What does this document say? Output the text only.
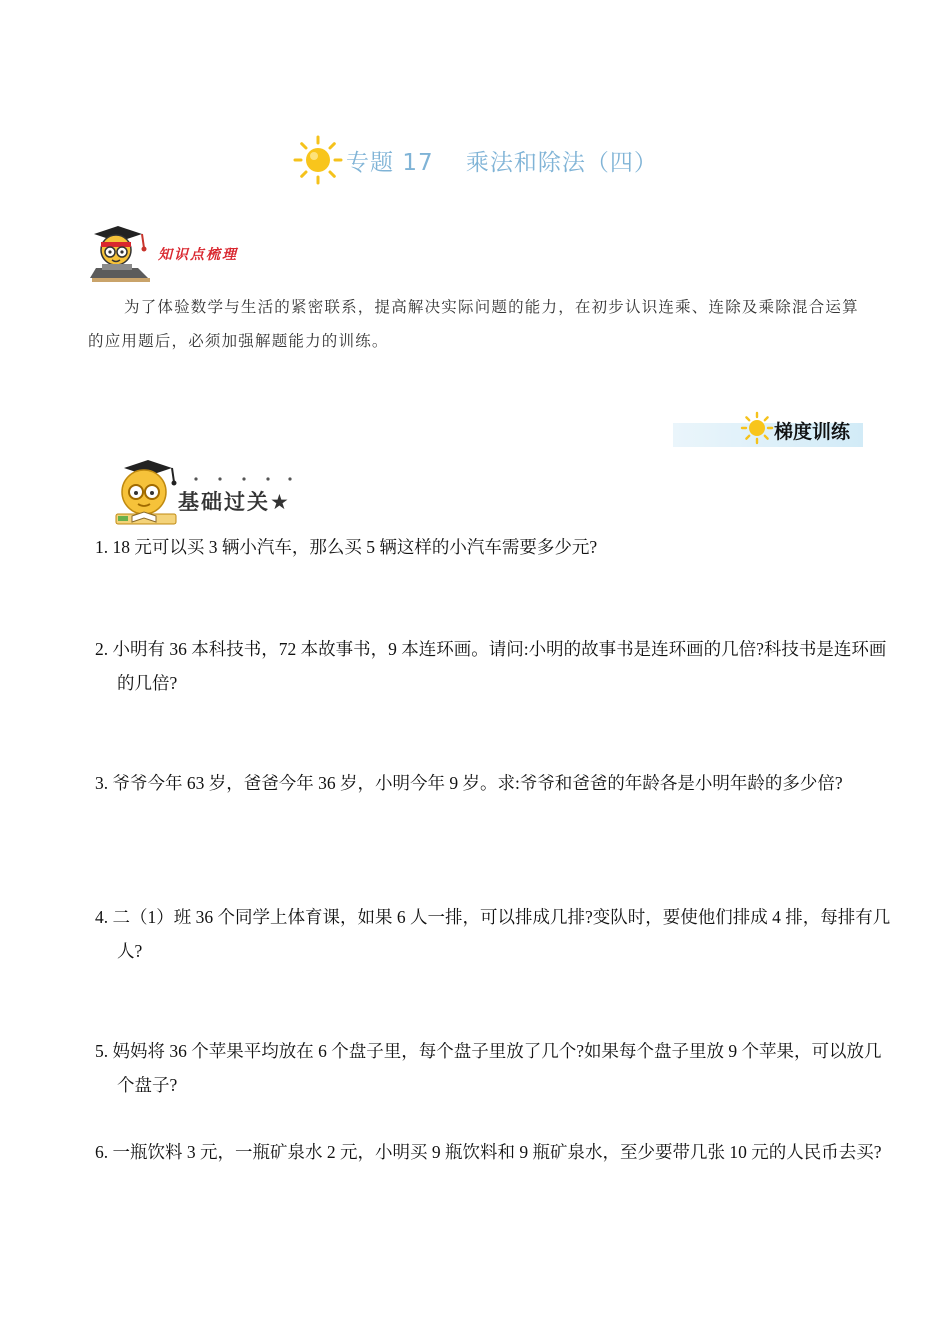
专题 17　 乘法和除法（四）
知识点梳理

为了体验数学与生活的紧密联系，提高解决实际问题的能力，在初步认识连乘、连除及乘除混合运算的应用题后，必须加强解题能力的训练。

梯度训练
基础过关★

1. 18 元可以买 3 辆小汽车，那么买 5 辆这样的小汽车需要多少元?

2. 小明有 36 本科技书，72 本故事书，9 本连环画。请问:小明的故事书是连环画的几倍?科技书是连环画的几倍?

3. 爷爷今年 63 岁，爸爸今年 36 岁，小明今年 9 岁。求:爷爷和爸爸的年龄各是小明年龄的多少倍?

4. 二（1）班 36 个同学上体育课，如果 6 人一排，可以排成几排?变队时，要使他们排成 4 排，每排有几人?

5. 妈妈将 36 个苹果平均放在 6 个盘子里，每个盘子里放了几个?如果每个盘子里放 9 个苹果，可以放几个盘子?

6. 一瓶饮料 3 元，一瓶矿泉水 2 元，小明买 9 瓶饮料和 9 瓶矿泉水，至少要带几张 10 元的人民币去买?
